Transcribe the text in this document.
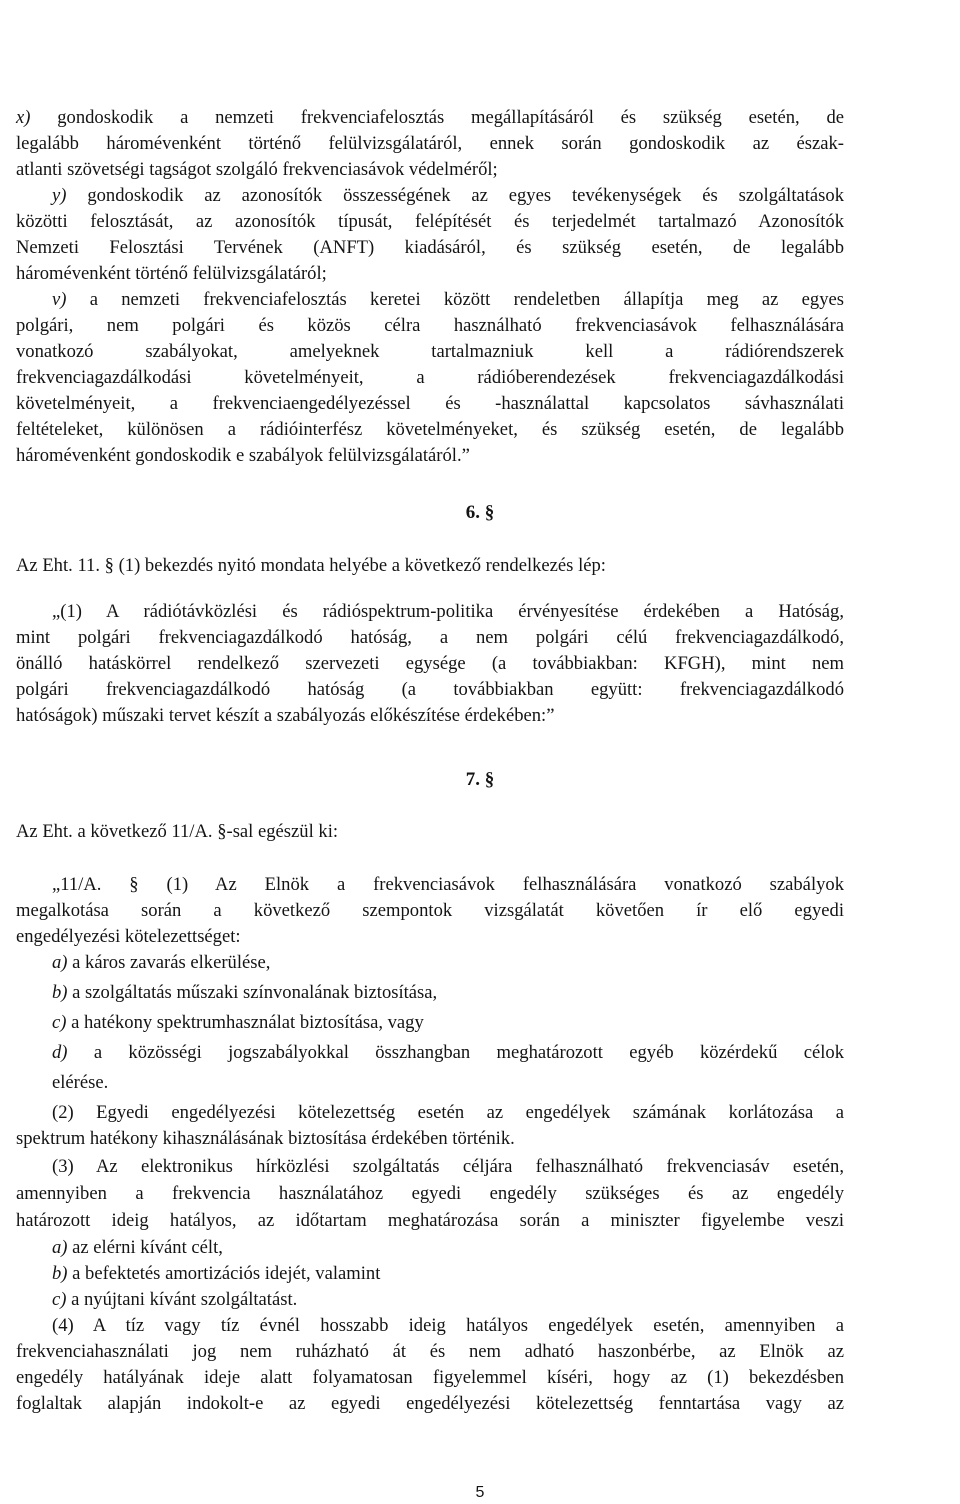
x) gondoskodik a nemzeti frekvenciafelosztás megállapításáról és szükség esetén, de
legalább háromévenként történő felülvizsgálatáról, ennek során gondoskodik az észak-
atlanti szövetségi tagságot szolgáló frekvenciasávok védelméről;
y) gondoskodik az azonosítók összességének az egyes tevékenységek és szolgáltatások
közötti felosztását, az azonosítók típusát, felépítését és terjedelmét tartalmazó Azonosítók
Nemzeti Felosztási Tervének (ANFT) kiadásáról, és szükség esetén, de legalább
háromévenként történő felülvizsgálatáról;
v) a nemzeti frekvenciafelosztás keretei között rendeletben állapítja meg az egyes
polgári, nem polgári és közös célra használható frekvenciasávok felhasználására
vonatkozó szabályokat, amelyeknek tartalmazniuk kell a rádiórendszerek
frekvenciagazdálkodási követelményeit, a rádióberendezések frekvenciagazdálkodási
követelményeit, a frekvenciaengedélyezéssel és -használattal kapcsolatos sávhasználati
feltételeket, különösen a rádióinterfész követelményeket, és szükség esetén, de legalább
háromévenként gondoskodik e szabályok felülvizsgálatáról.”
6. §
Az Eht. 11. § (1) bekezdés nyitó mondata helyébe a következő rendelkezés lép:
„(1) A rádiótávközlési és rádióspektrum-politika érvényesítése érdekében a Hatóság,
mint polgári frekvenciagazdálkodó hatóság, a nem polgári célú frekvenciagazdálkodó,
önálló hatáskörrel rendelkező szervezeti egysége (a továbbiakban: KFGH), mint nem
polgári frekvenciagazdálkodó hatóság (a továbbiakban együtt: frekvenciagazdálkodó
hatóságok) műszaki tervet készít a szabályozás előkészítése érdekében:”
7. §
Az Eht. a következő 11/A. §-sal egészül ki:
„11/A. § (1) Az Elnök a frekvenciasávok felhasználására vonatkozó szabályok
megalkotása során a következő szempontok vizsgálatát követően ír elő egyedi
engedélyezési kötelezettséget:
a) a káros zavarás elkerülése,
b) a szolgáltatás műszaki színvonalának biztosítása,
c) a hatékony spektrumhasználat biztosítása, vagy
d) a közösségi jogszabályokkal összhangban meghatározott egyéb közérdekű célok
elérése.
(2) Egyedi engedélyezési kötelezettség esetén az engedélyek számának korlátozása a
spektrum hatékony kihasználásának biztosítása érdekében történik.
(3) Az elektronikus hírközlési szolgáltatás céljára felhasználható frekvenciasáv esetén,
amennyiben a frekvencia használatához egyedi engedély szükséges és az engedély
határozott ideig hatályos, az időtartam meghatározása során a miniszter figyelembe veszi
a) az elérni kívánt célt,
b) a befektetés amortizációs idejét, valamint
c) a nyújtani kívánt szolgáltatást.
(4) A tíz vagy tíz évnél hosszabb ideig hatályos engedélyek esetén, amennyiben a
frekvenciahasználati jog nem ruházható át és nem adható haszonbérbe, az Elnök az
engedély hatályának ideje alatt folyamatosan figyelemmel kíséri, hogy az (1) bekezdésben
foglaltak alapján indokolt-e az egyedi engedélyezési kötelezettség fenntartása vagy az
5
